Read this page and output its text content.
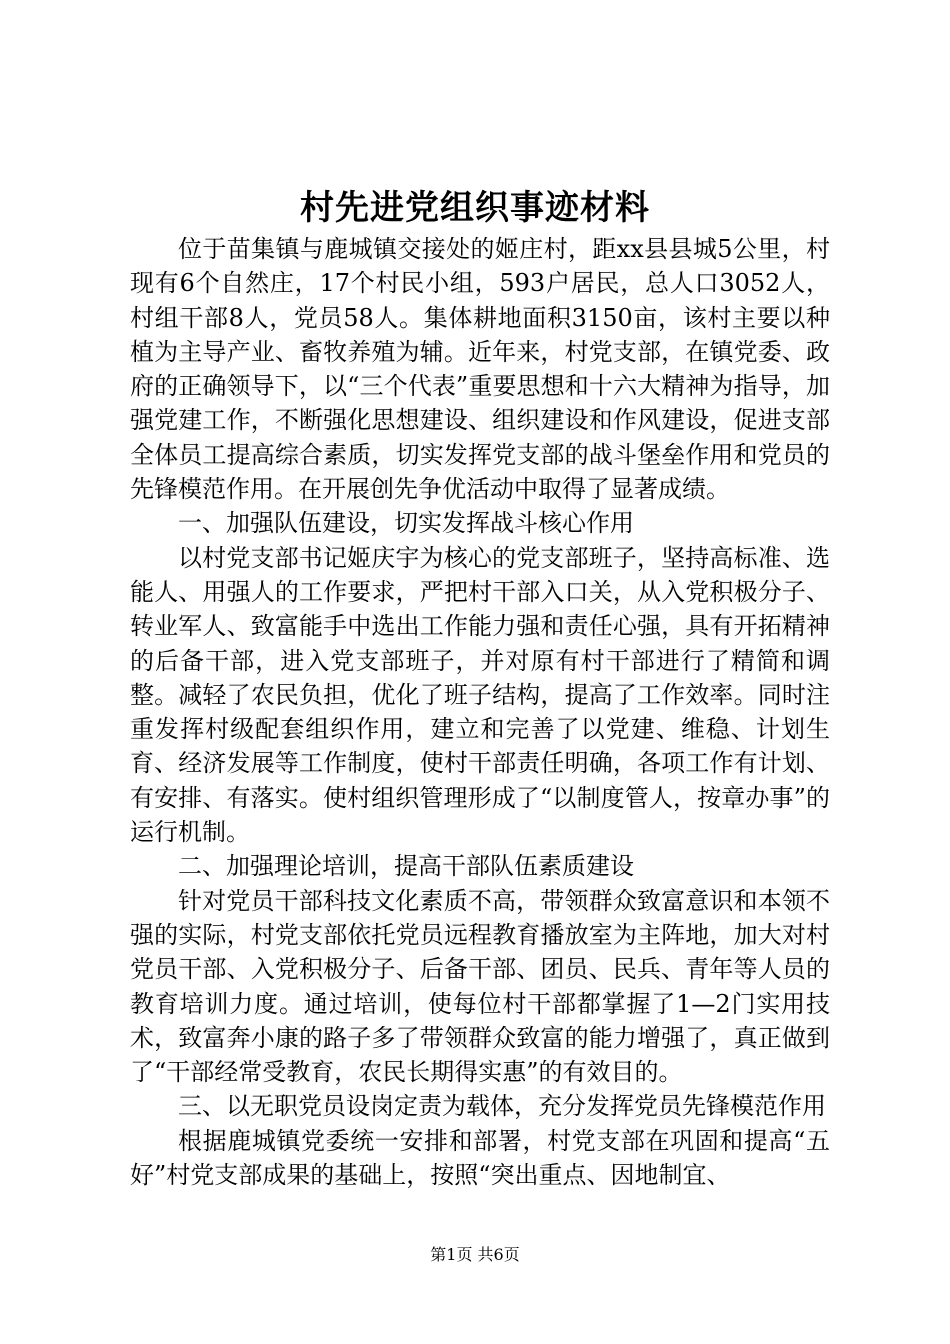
村先进党组织事迹材料

位于苗集镇与鹿城镇交接处的姬庄村，距xx县县城5公里，村现有6个自然庄，17个村民小组，593户居民，总人口3052人，村组干部8人，党员58人。集体耕地面积3150亩，该村主要以种植为主导产业、畜牧养殖为辅。近年来，村党支部，在镇党委、政府的正确领导下，以“三个代表”重要思想和十六大精神为指导，加强党建工作，不断强化思想建设、组织建设和作风建设，促进支部全体员工提高综合素质，切实发挥党支部的战斗堡垒作用和党员的先锋模范作用。在开展创先争优活动中取得了显著成绩。

一、加强队伍建设，切实发挥战斗核心作用

以村党支部书记姬庆宇为核心的党支部班子，坚持高标准、选能人、用强人的工作要求，严把村干部入口关，从入党积极分子、转业军人、致富能手中选出工作能力强和责任心强，具有开拓精神的后备干部，进入党支部班子，并对原有村干部进行了精简和调整。减轻了农民负担，优化了班子结构，提高了工作效率。同时注重发挥村级配套组织作用，建立和完善了以党建、维稳、计划生育、经济发展等工作制度，使村干部责任明确，各项工作有计划、有安排、有落实。使村组织管理形成了“以制度管人，按章办事”的运行机制。

二、加强理论培训，提高干部队伍素质建设

针对党员干部科技文化素质不高，带领群众致富意识和本领不强的实际，村党支部依托党员远程教育播放室为主阵地，加大对村党员干部、入党积极分子、后备干部、团员、民兵、青年等人员的教育培训力度。通过培训，使每位村干部都掌握了1—2门实用技术，致富奔小康的路子多了带领群众致富的能力增强了，真正做到了“干部经常受教育，农民长期得实惠”的有效目的。

三、以无职党员设岗定责为载体，充分发挥党员先锋模范作用

根据鹿城镇党委统一安排和部署，村党支部在巩固和提高“五好”村党支部成果的基础上，按照“突出重点、因地制宜、

第1页 共6页
